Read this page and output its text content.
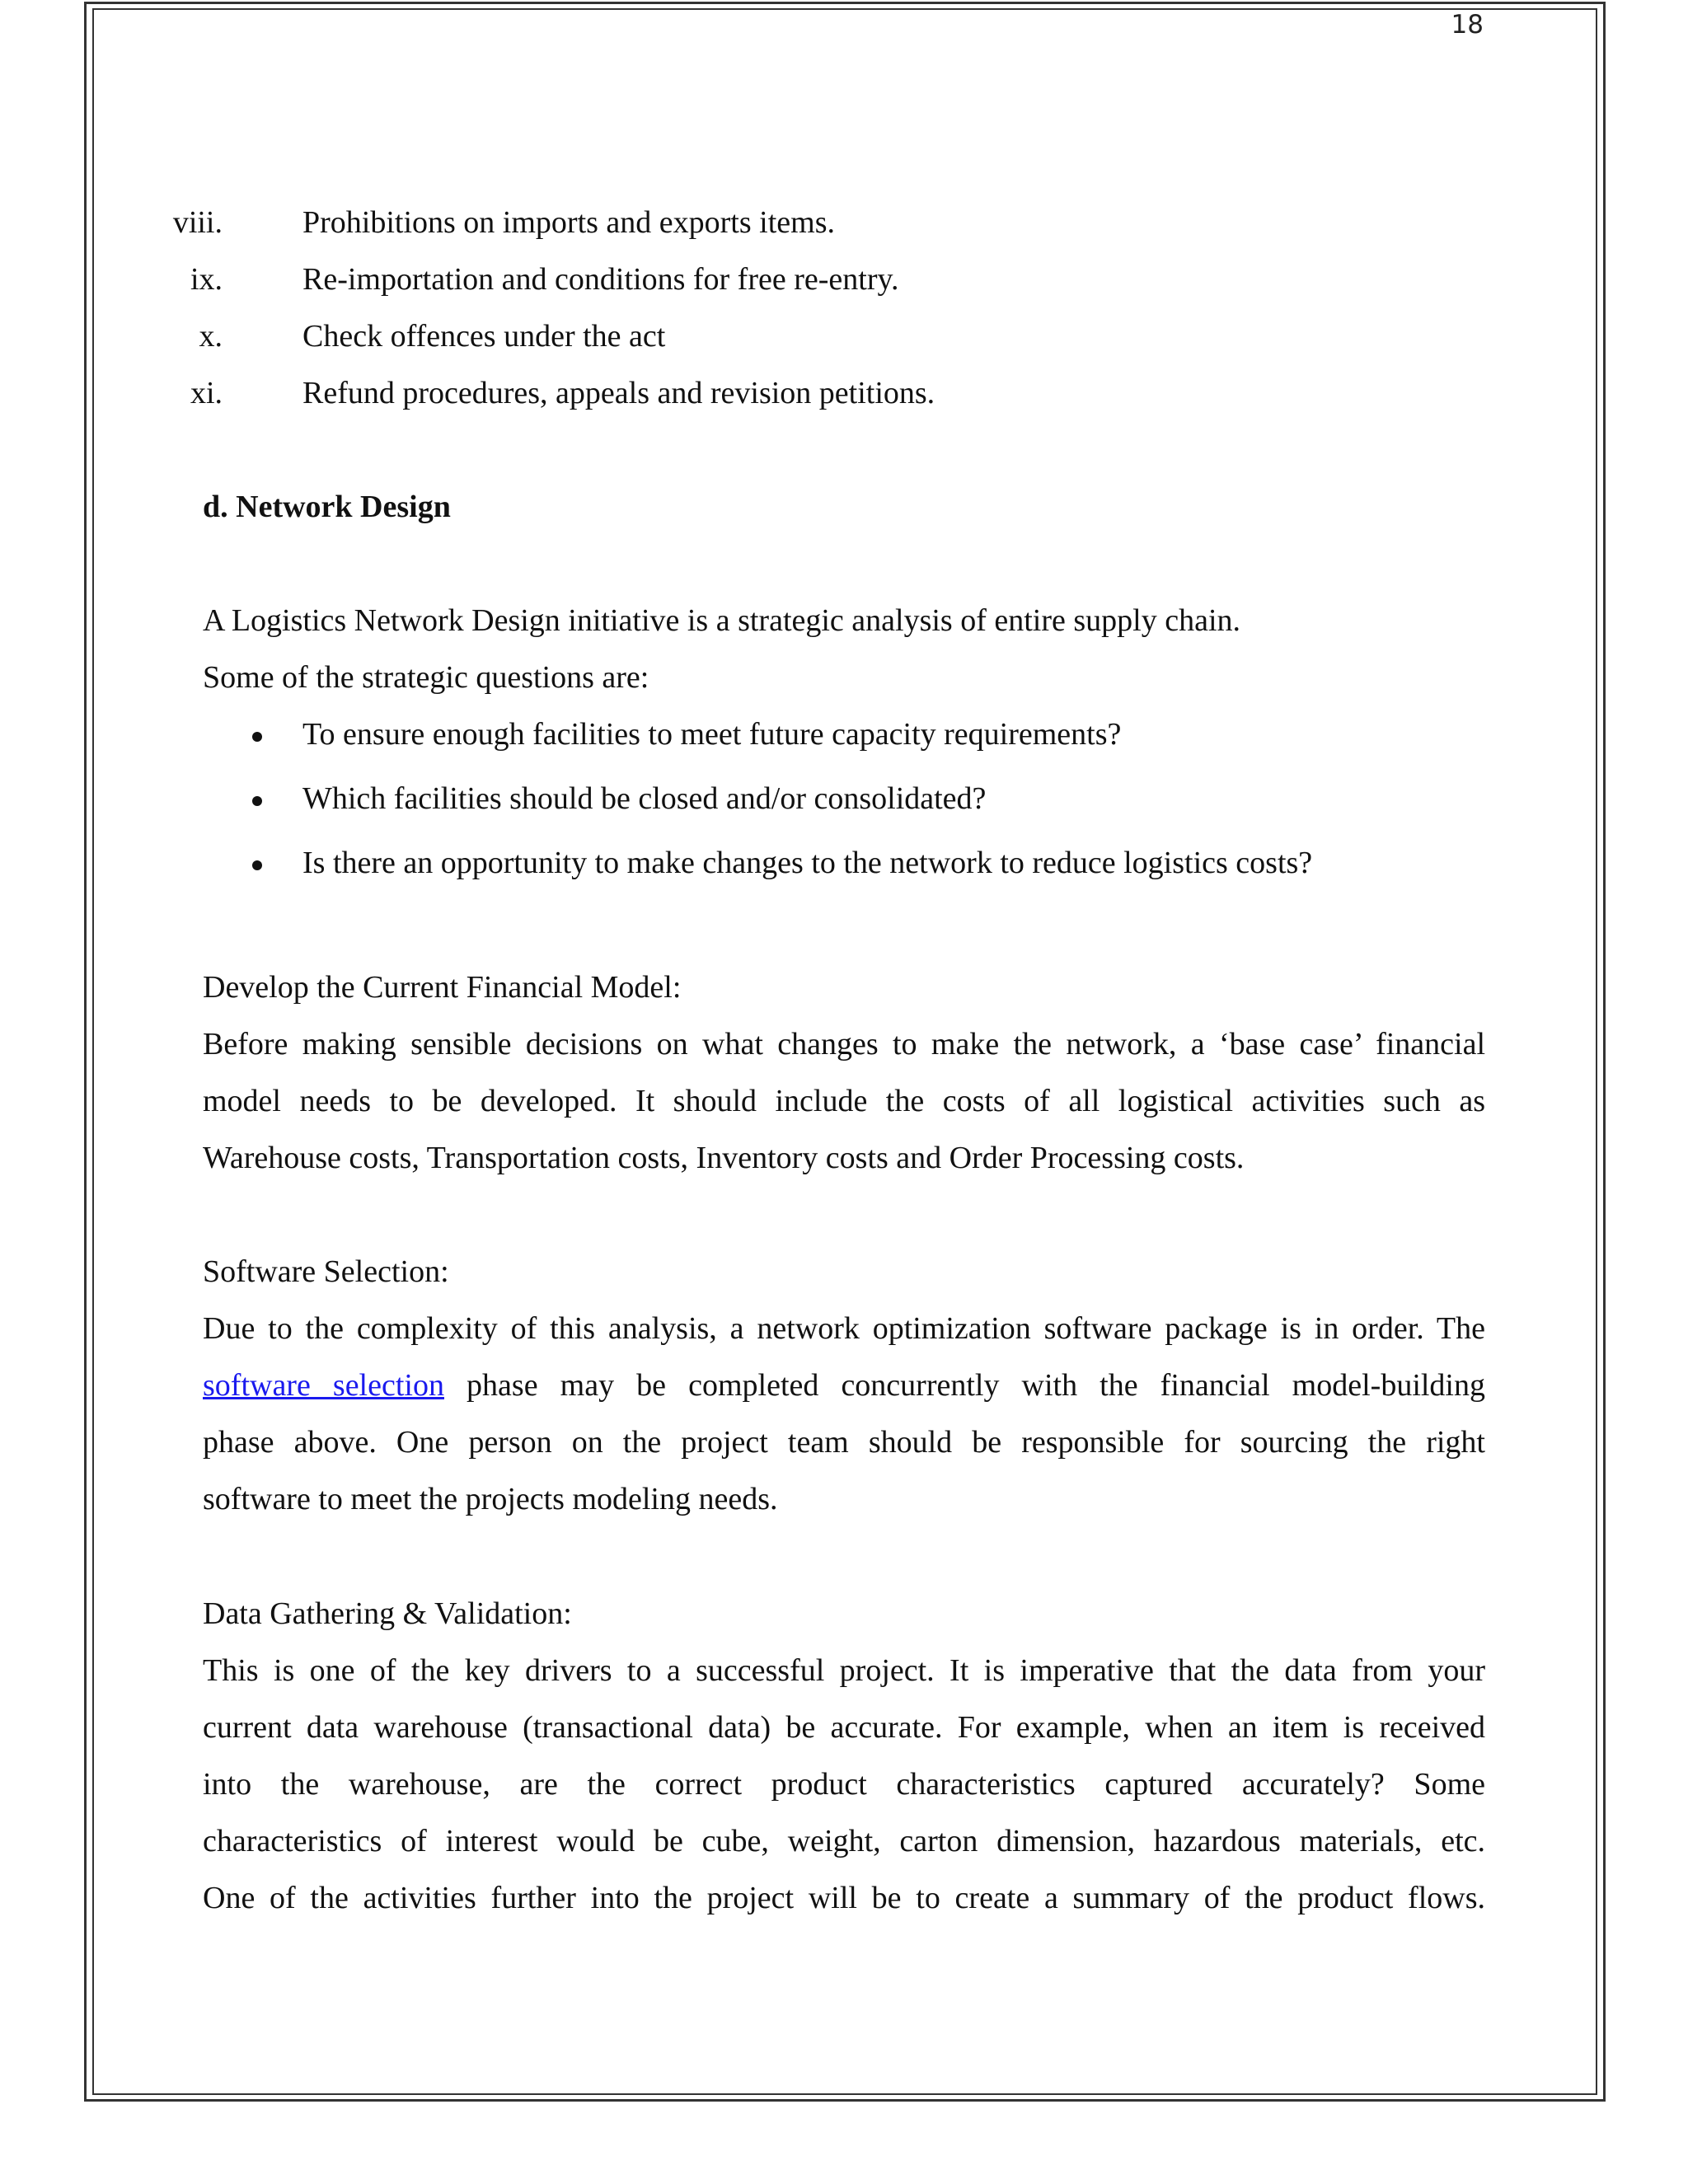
18
viii.	Prohibitions on imports and exports items.
ix.	Re-importation and conditions for free re-entry.
x.	Check offences under the act
xi.	Refund procedures, appeals and revision petitions.
d. Network Design
A Logistics Network Design initiative is a strategic analysis of entire supply chain.
Some of the strategic questions are:
To ensure enough facilities to meet future capacity requirements?
Which facilities should be closed and/or consolidated?
Is there an opportunity to make changes to the network to reduce logistics costs?
Develop the Current Financial Model:
Before making sensible decisions on what changes to make the network, a ‘base case’ financial
model needs to be developed. It should include the costs of all logistical activities such as
Warehouse costs, Transportation costs, Inventory costs and Order Processing costs.
Software Selection:
Due to the complexity of this analysis, a network optimization software package is in order. The
software selection phase may be completed concurrently with the financial model-building
phase above. One person on the project team should be responsible for sourcing the right
software to meet the projects modeling needs.
Data Gathering & Validation:
This is one of the key drivers to a successful project. It is imperative that the data from your
current data warehouse (transactional data) be accurate. For example, when an item is received
into the warehouse, are the correct product characteristics captured accurately? Some
characteristics of interest would be cube, weight, carton dimension, hazardous materials, etc.
One of the activities further into the project will be to create a summary of the product flows.
